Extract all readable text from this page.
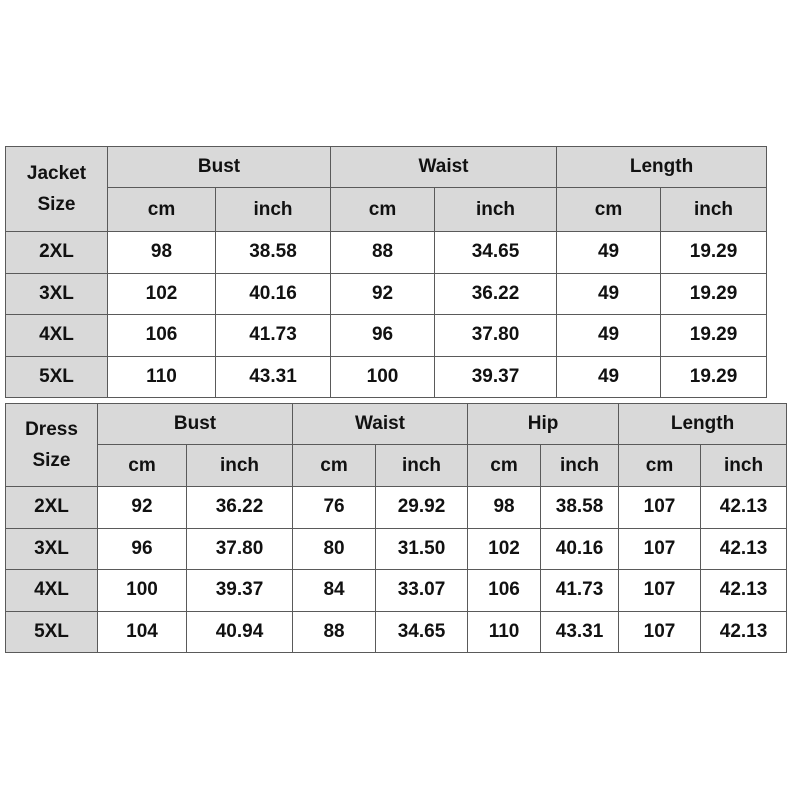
Jacket
Size	Bust		Waist		Length	
	cm	inch	cm	inch	cm	inch
2XL	98	38.58	88	34.65	49	19.29
3XL	102	40.16	92	36.22	49	19.29
4XL	106	41.73	96	37.80	49	19.29
5XL	110	43.31	100	39.37	49	19.29
Dress
Size	Bust		Waist		Hip		Length	
	cm	inch	cm	inch	cm	inch	cm	inch
2XL	92	36.22	76	29.92	98	38.58	107	42.13
3XL	96	37.80	80	31.50	102	40.16	107	42.13
4XL	100	39.37	84	33.07	106	41.73	107	42.13
5XL	104	40.94	88	34.65	110	43.31	107	42.13
